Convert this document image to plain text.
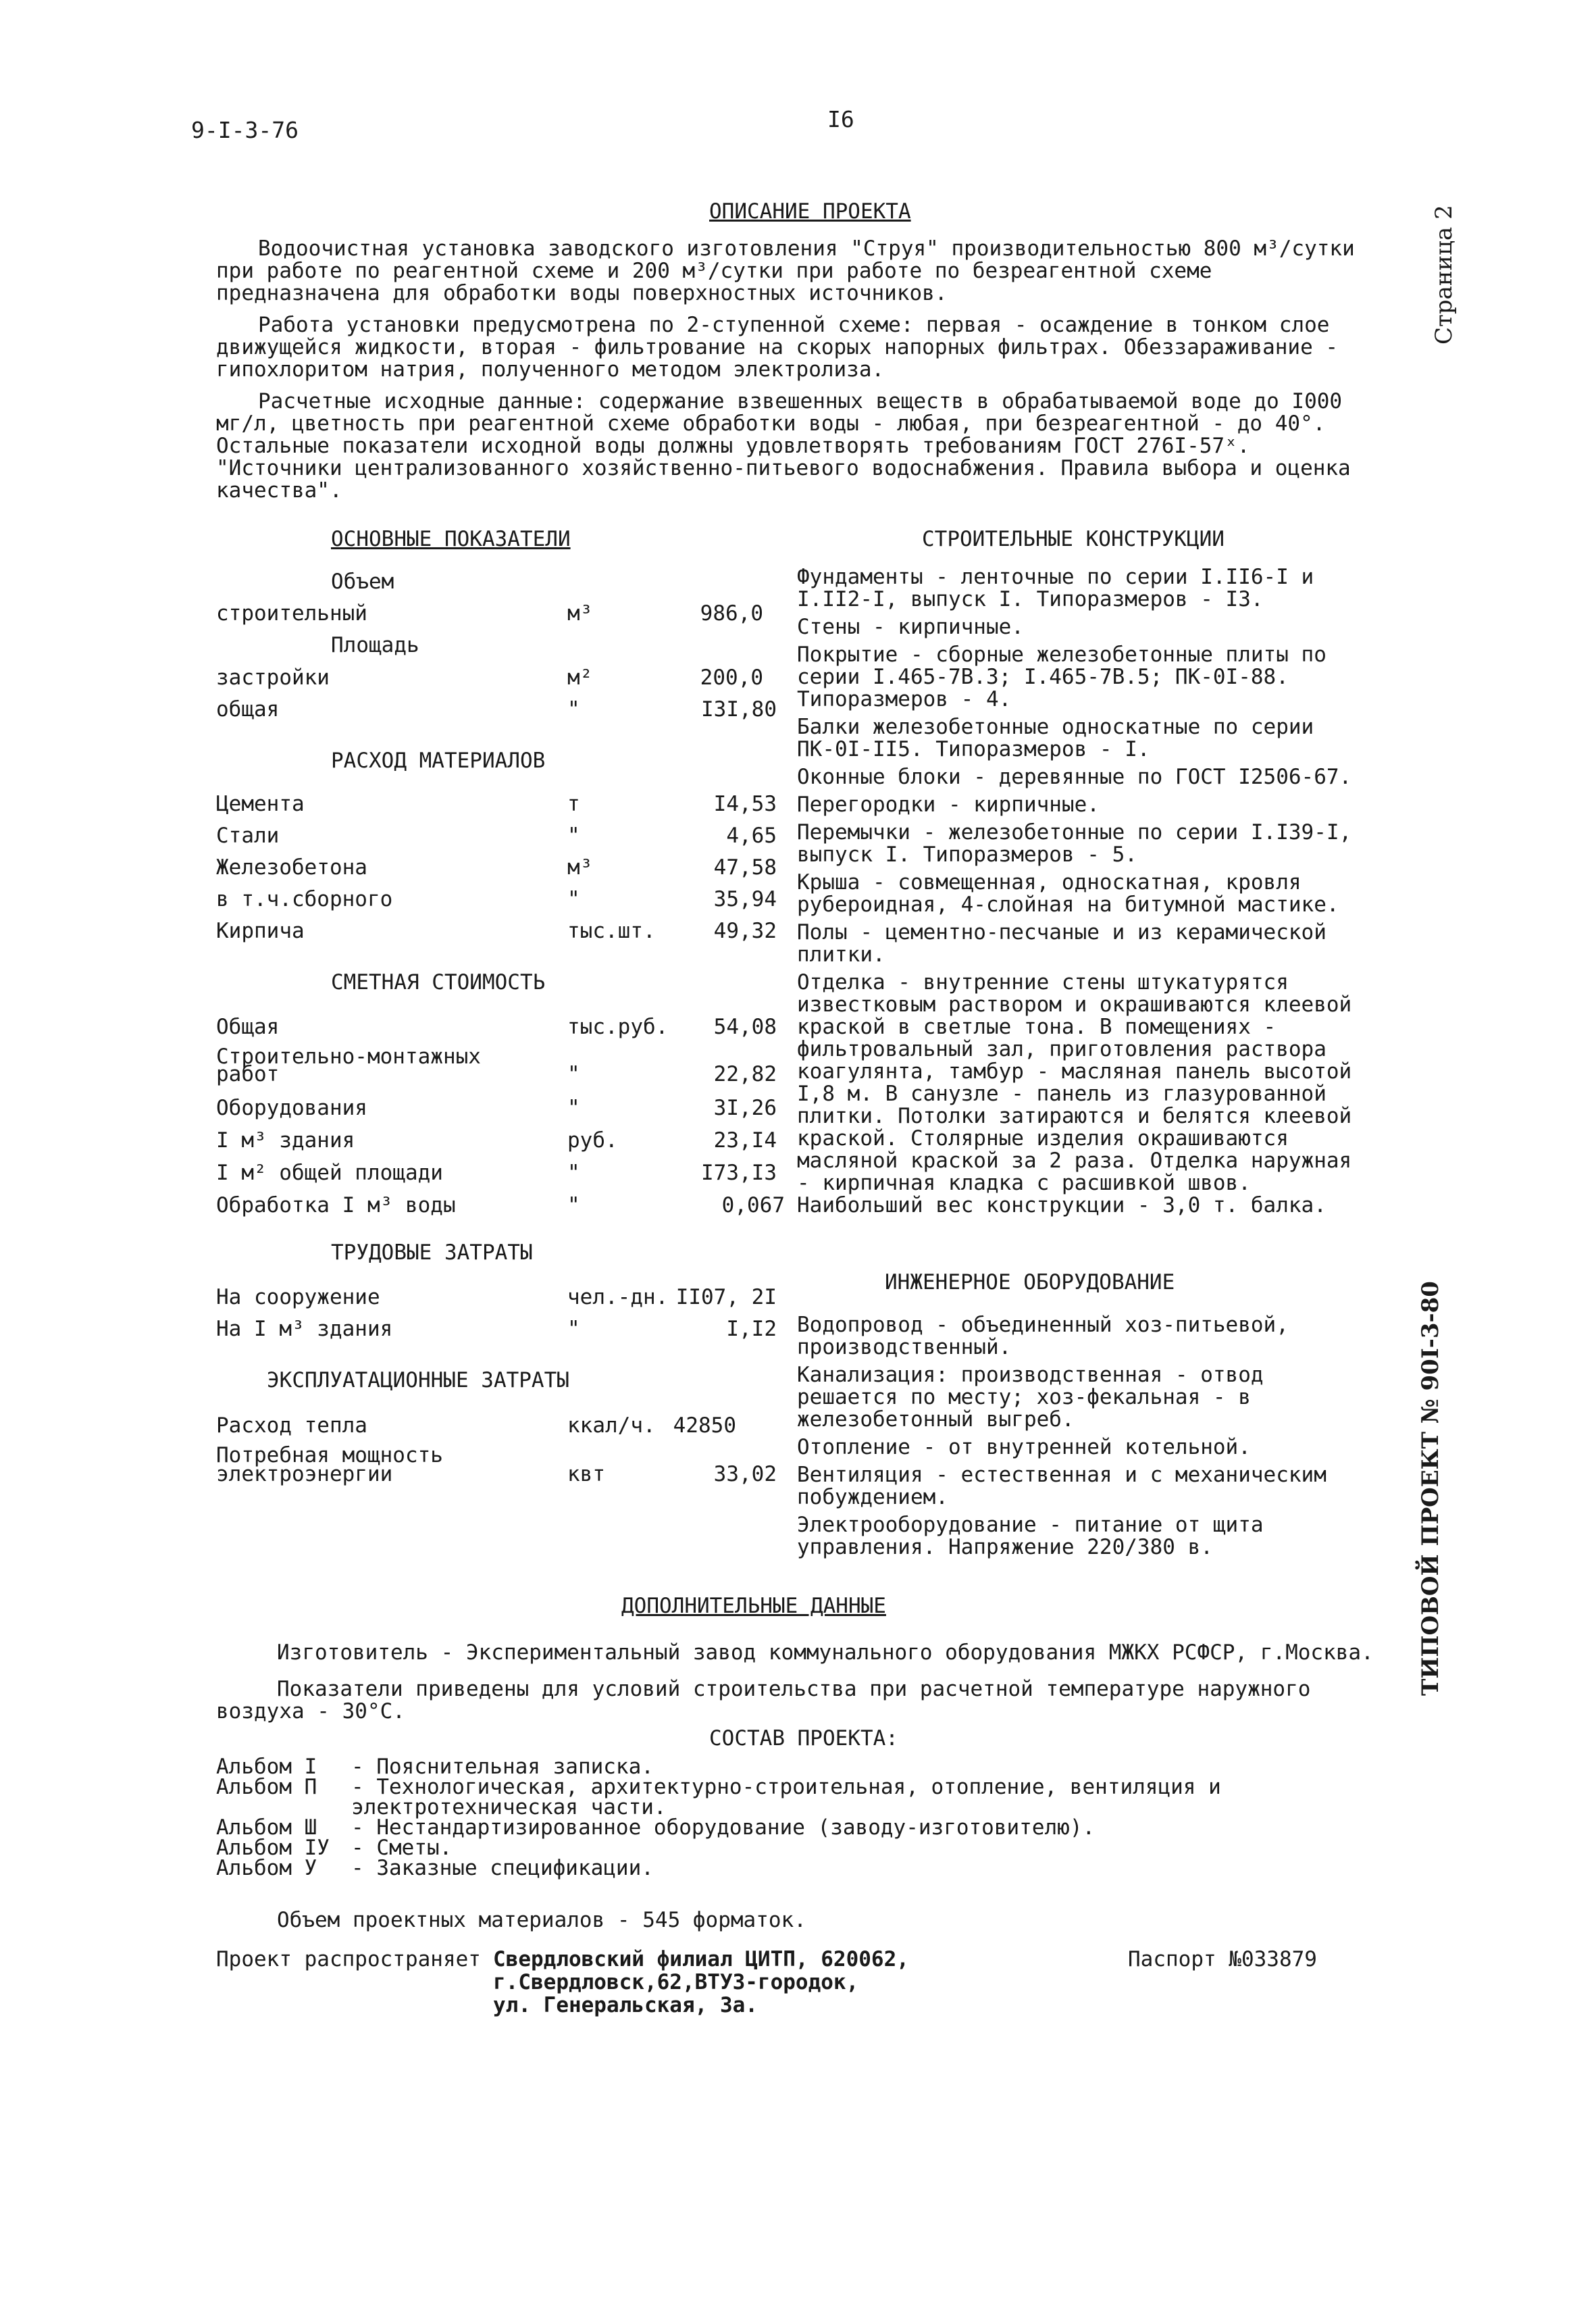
9-I-3-76	I6
Страница 2
ТИПОВОЙ ПРОЕКТ № 90I-3-80
ОПИСАНИЕ ПРОЕКТА
Водоочистная установка заводского изготовления "Струя" производительностью 800 м³/сутки при работе по реагентной схеме и 200 м³/сутки при работе по безреагентной схеме предназначена для обработки воды поверхностных источников.
Работа установки предусмотрена по 2-ступенной схеме: первая - осаждение в тонком слое движущейся жидкости, вторая - фильтрование на скорых напорных фильтрах. Обеззараживание - гипохлоритом натрия, полученного методом электролиза.
Расчетные исходные данные: содержание взвешенных веществ в обрабатываемой воде до I000 мг/л, цветность при реагентной схеме обработки воды - любая, при безреагентной - до 40°. Остальные показатели исходной воды должны удовлетворять требованиям ГОСТ 276I-57ˣ. "Источники централизованного хозяйственно-питьевого водоснабжения. Правила выбора и оценка качества".
ОСНОВНЫЕ ПОКАЗАТЕЛИ
Объем
строительный	м³	986,0
Площадь
застройки	м²	200,0
общая	"	I3I,80
РАСХОД МАТЕРИАЛОВ
Цемента	т	I4,53
Стали	"	4,65
Железобетона	м³	47,58
в т.ч.сборного	"	35,94
Кирпича	тыс.шт.	49,32
СМЕТНАЯ СТОИМОСТЬ
Общая	тыс.руб. 54,08
Строительно-монтажных
работ	"	22,82
Оборудования	"	3I,26
I м³ здания	руб.	23,I4
I м² общей площади	"	I73,I3
Обработка I м³ воды	"	0,067
ТРУДОВЫЕ ЗАТРАТЫ
На сооружение	чел.-дн. II07, 2I
На I м³ здания	"	I,I2
ЭКСПЛУАТАЦИОННЫЕ ЗАТРАТЫ
Расход тепла	ккал/ч. 42850
Потребная мощность
электроэнергии	квт	33,02
СТРОИТЕЛЬНЫЕ КОНСТРУКЦИИ

Фундаменты - ленточные по серии I.II6-I и I.II2-I, выпуск I. Типоразмеров - I3.

Стены - кирпичные.

Покрытие - сборные железобетонные плиты по серии I.465-7В.3; I.465-7В.5; ПК-0I-88. Типоразмеров - 4.

Балки железобетонные односкатные по серии ПК-0I-II5. Типоразмеров - I.

Оконные блоки - деревянные по ГОСТ I2506-67.

Перегородки - кирпичные.

Перемычки - железобетонные по серии I.I39-I, выпуск I. Типоразмеров - 5.

Крыша - совмещенная, односкатная, кровля рубероидная, 4-слойная на битумной мастике.

Полы - цементно-песчаные и из керамической плитки.

Отделка - внутренние стены штукатурятся известковым раствором и окрашиваются клеевой краской в светлые тона. В помещениях - фильтровальный зал, приготовления раствора коагулянта, тамбур - масляная панель высотой I,8 м. В санузле - панель из глазурованной плитки. Потолки затираются и белятся клеевой краской. Столярные изделия окрашиваются масляной краской за 2 раза. Отделка наружная - кирпичная кладка с расшивкой швов.

Наибольший вес конструкции - 3,0 т. балка.

ИНЖЕНЕРНОЕ ОБОРУДОВАНИЕ

Водопровод - объединенный хоз-питьевой, производственный.

Канализация: производственная - отвод решается по месту; хоз-фекальная - в железобетонный выгреб.

Отопление - от внутренней котельной.

Вентиляция - естественная и с механическим побуждением.

Электрооборудование - питание от щита управления. Напряжение 220/380 в.

ДОПОЛНИТЕЛЬНЫЕ ДАННЫЕ
Изготовитель - Экспериментальный завод коммунального оборудования МЖКХ РСФСР, г.Москва.
Показатели приведены для условий строительства при расчетной температуре наружного воздуха - 30°С.
СОСТАВ ПРОЕКТА:
Альбом I	- Пояснительная записка.
Альбом П	- Технологическая, архитектурно-строительная, отопление, вентиляция и электротехническая части.
Альбом Ш	- Нестандартизированное оборудование (заводу-изготовителю).
Альбом IУ	- Сметы.
Альбом У	- Заказные спецификации.
Объем проектных материалов - 545 форматок.
Проект распространяет Свердловский филиал ЦИТП, 620062,
г.Свердловск,62,ВТУЗ-городок,
ул. Генеральская, 3а.
Паспорт №033879
